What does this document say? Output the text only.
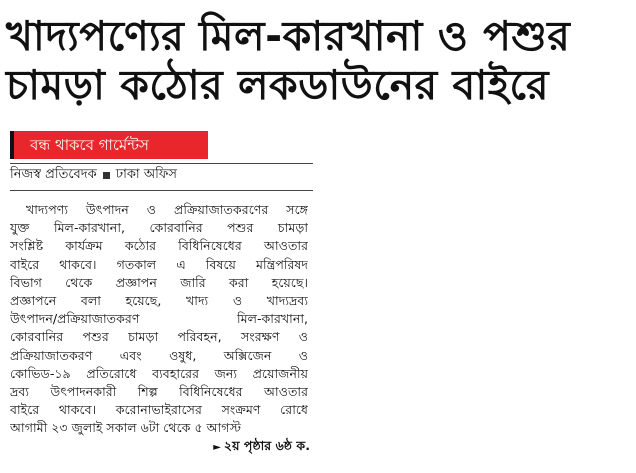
খাদ্যপণ্যের মিল-কারখানা ও পশুর
চামড়া কঠোর লকডাউনের বাইরে
বন্ধ থাকবে গার্মেন্টস
নিজস্ব প্রতিবেদক ঢাকা অফিস
খাদ্যপণ্য উৎপাদন ও প্রক্রিয়াজাতকরণের সঙ্গে
যুক্ত মিল-কারখানা, কোরবানির পশুর চামড়া
সংশ্লিষ্ট কার্যক্রম কঠোর বিধিনিষেধের আওতার
বাইরে থাকবে। গতকাল এ বিষয়ে মন্ত্রিপরিষদ
বিভাগ থেকে প্রজ্ঞাপন জারি করা হয়েছে।
প্রজ্ঞাপনে বলা হয়েছে, খাদ্য ও খাদ্যদ্রব্য
উৎপাদন/প্রক্রিয়াজাতকরণ মিল-কারখানা,
কোরবানির পশুর চামড়া পরিবহন, সংরক্ষণ ও
প্রক্রিয়াজাতকরণ এবং ওষুধ, অক্সিজেন ও
কোভিড-১৯ প্রতিরোধে ব্যবহারের জন্য প্রয়োজনীয়
দ্রব্য উৎপাদনকারী শিল্প বিধিনিষেধের আওতার
বাইরে থাকবে। করোনাভাইরাসের সংক্রমণ রোধে
আগামী ২৩ জুলাই সকাল ৬টা থেকে ৫ আগস্ট
► ২য় পৃষ্ঠার ৬ষ্ঠ ক.
